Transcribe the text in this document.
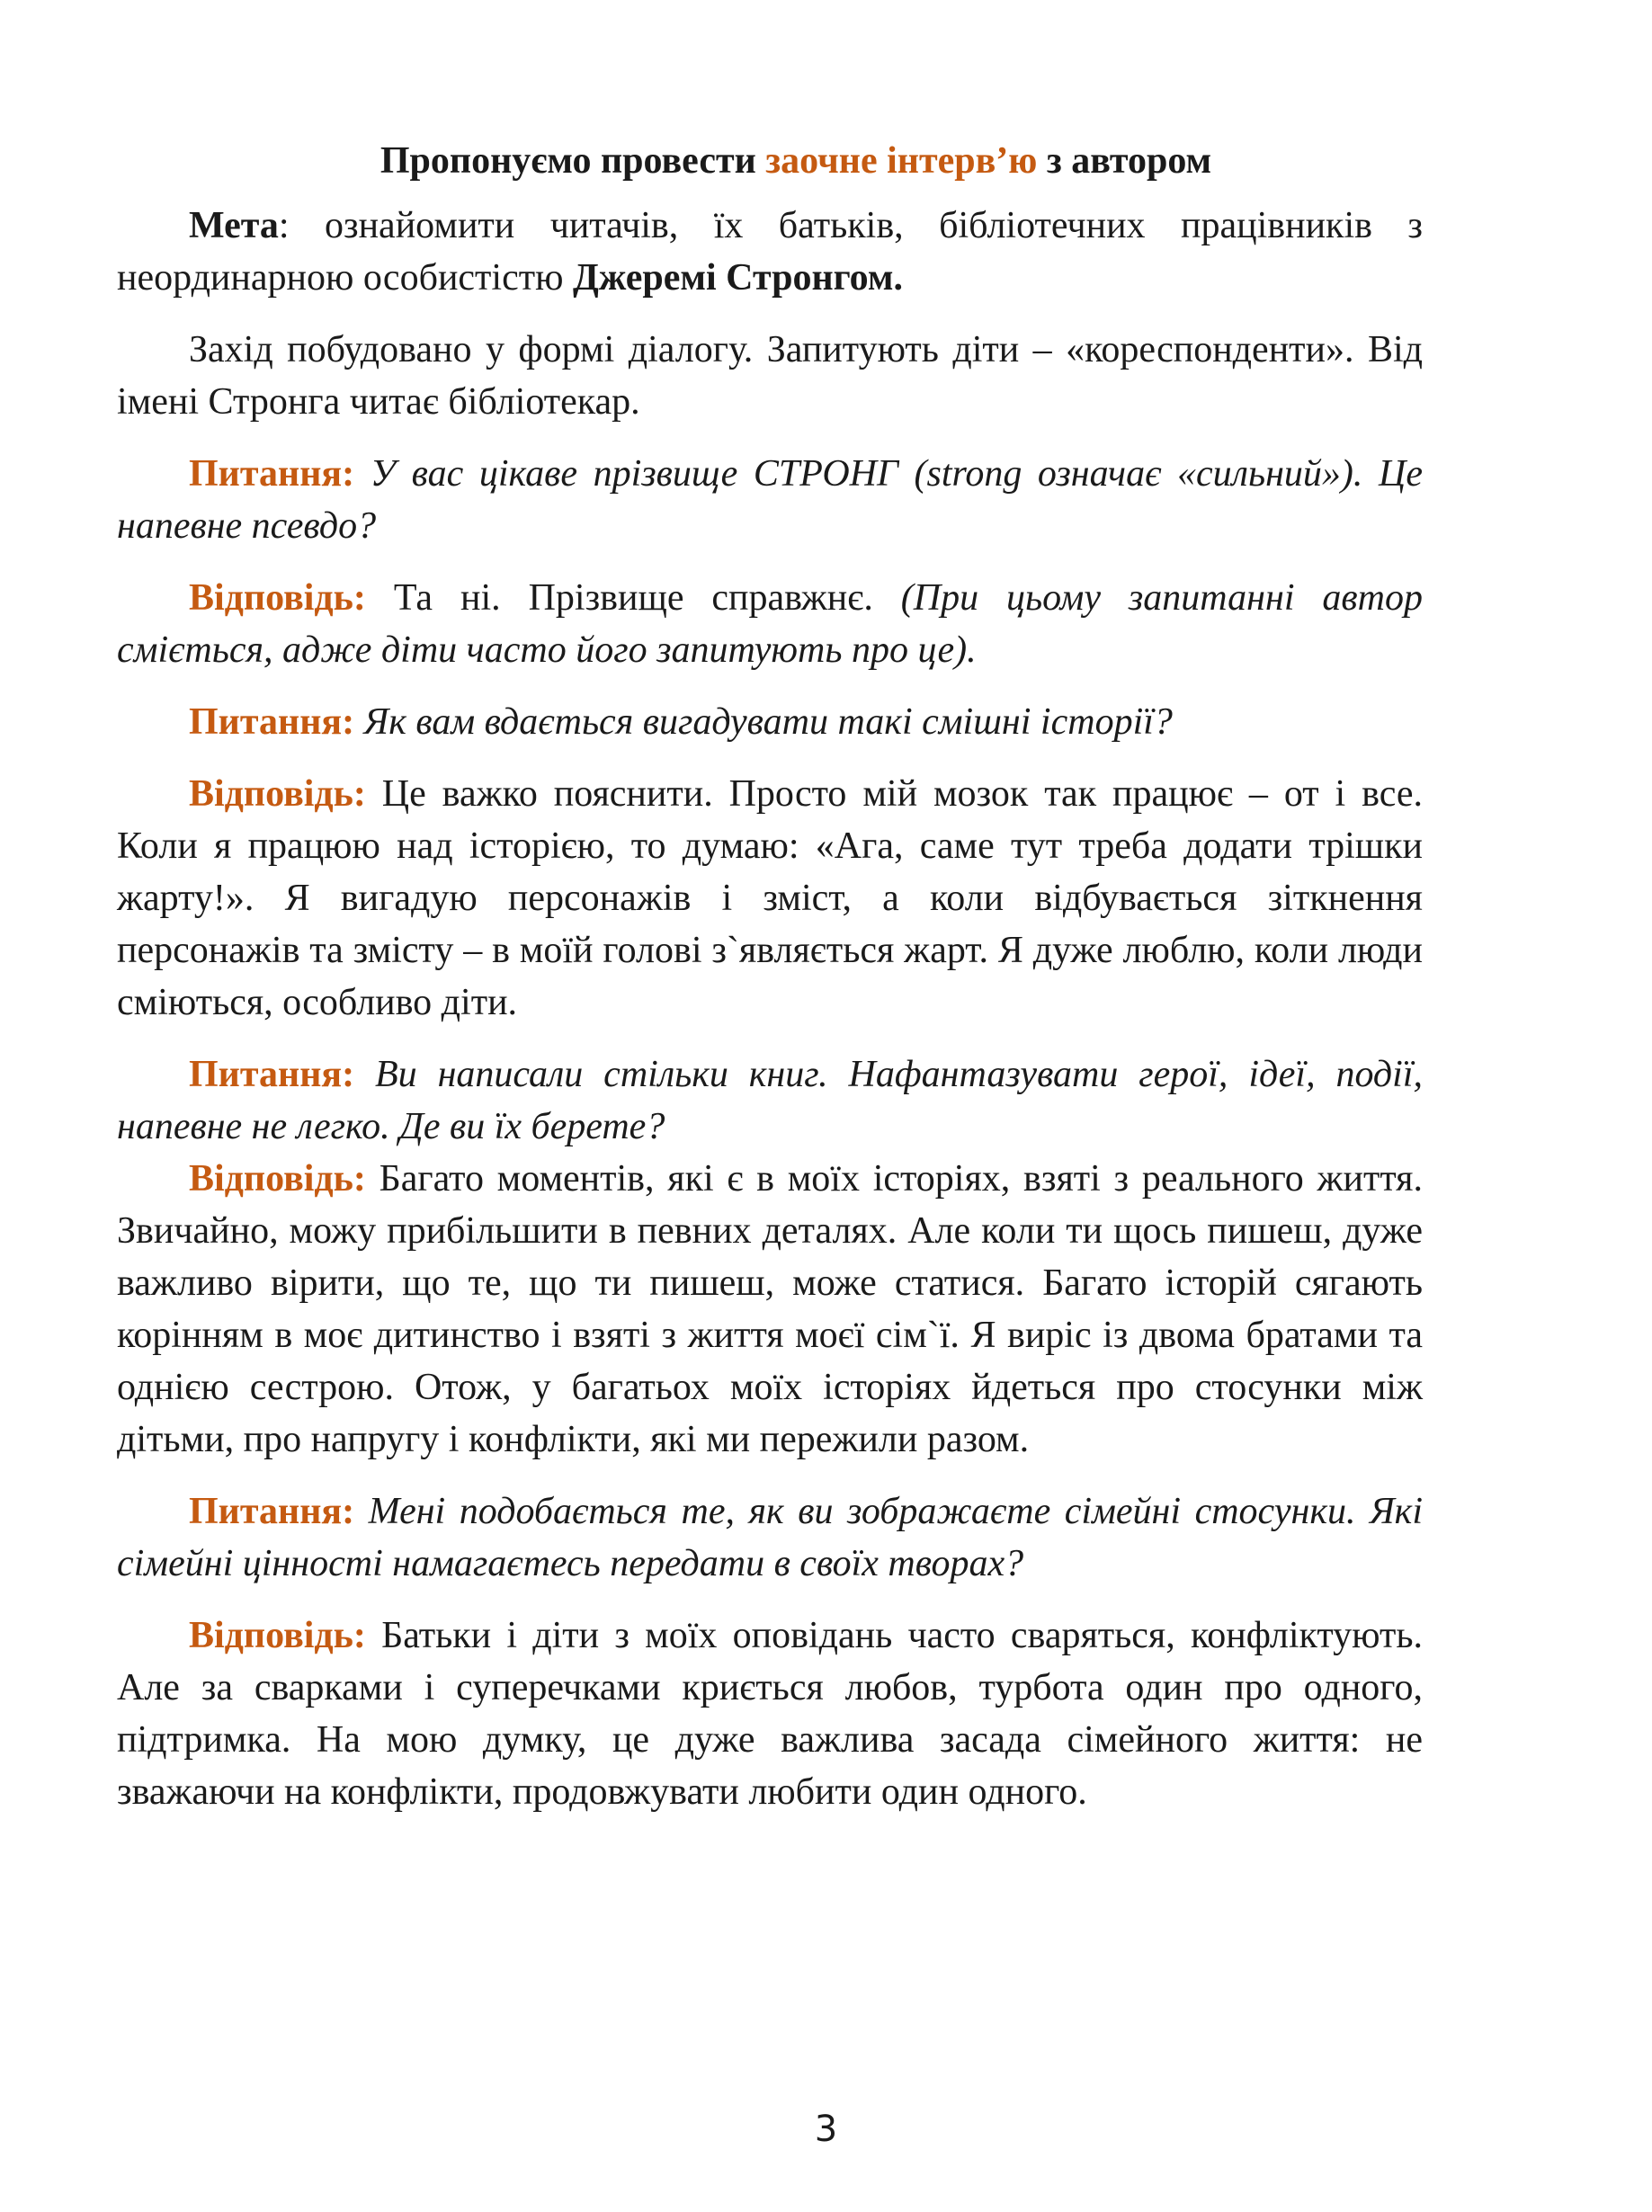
Пропонуємо провести заочне інтерв’ю з автором

Мета: ознайомити читачів, їх батьків, бібліотечних працівників з неординарною особистістю Джеремі Стронгом.

Захід побудовано у формі діалогу. Запитують діти – «кореспонденти». Від імені Стронга читає бібліотекар.

Питання: У вас цікаве прізвище СТРОНГ (strong означає «сильний»). Це напевне псевдо?

Відповідь: Та ні. Прізвище справжнє. (При цьому запитанні автор сміється, адже діти часто його запитують про це).

Питання: Як вам вдається вигадувати такі смішні історії?

Відповідь: Це важко пояснити. Просто мій мозок так працює – от і все. Коли я працюю над історією, то думаю: «Ага, саме тут треба додати трішки жарту!». Я вигадую персонажів і зміст, а коли відбувається зіткнення персонажів та змісту – в моїй голові з`являється жарт. Я дуже люблю, коли люди сміються, особливо діти.

Питання: Ви написали стільки книг. Нафантазувати герої, ідеї, події, напевне не легко. Де ви їх берете?

Відповідь: Багато моментів, які є в моїх історіях, взяті з реального життя. Звичайно, можу прибільшити в певних деталях. Але коли ти щось пишеш, дуже важливо вірити, що те, що ти пишеш, може статися. Багато історій сягають корінням в моє дитинство і взяті з життя моєї сім`ї. Я виріс із двома братами та однією сестрою. Отож, у багатьох моїх історіях йдеться про стосунки між дітьми, про напругу і конфлікти, які ми пережили разом.

Питання: Мені подобається те, як ви зображаєте сімейні стосунки. Які сімейні цінності намагаєтесь передати в своїх творах?

Відповідь: Батьки і діти з моїх оповідань часто сваряться, конфліктують. Але за сварками і суперечками криється любов, турбота один про одного, підтримка. На мою думку, це дуже важлива засада сімейного життя: не зважаючи на конфлікти, продовжувати любити один одного.

3
